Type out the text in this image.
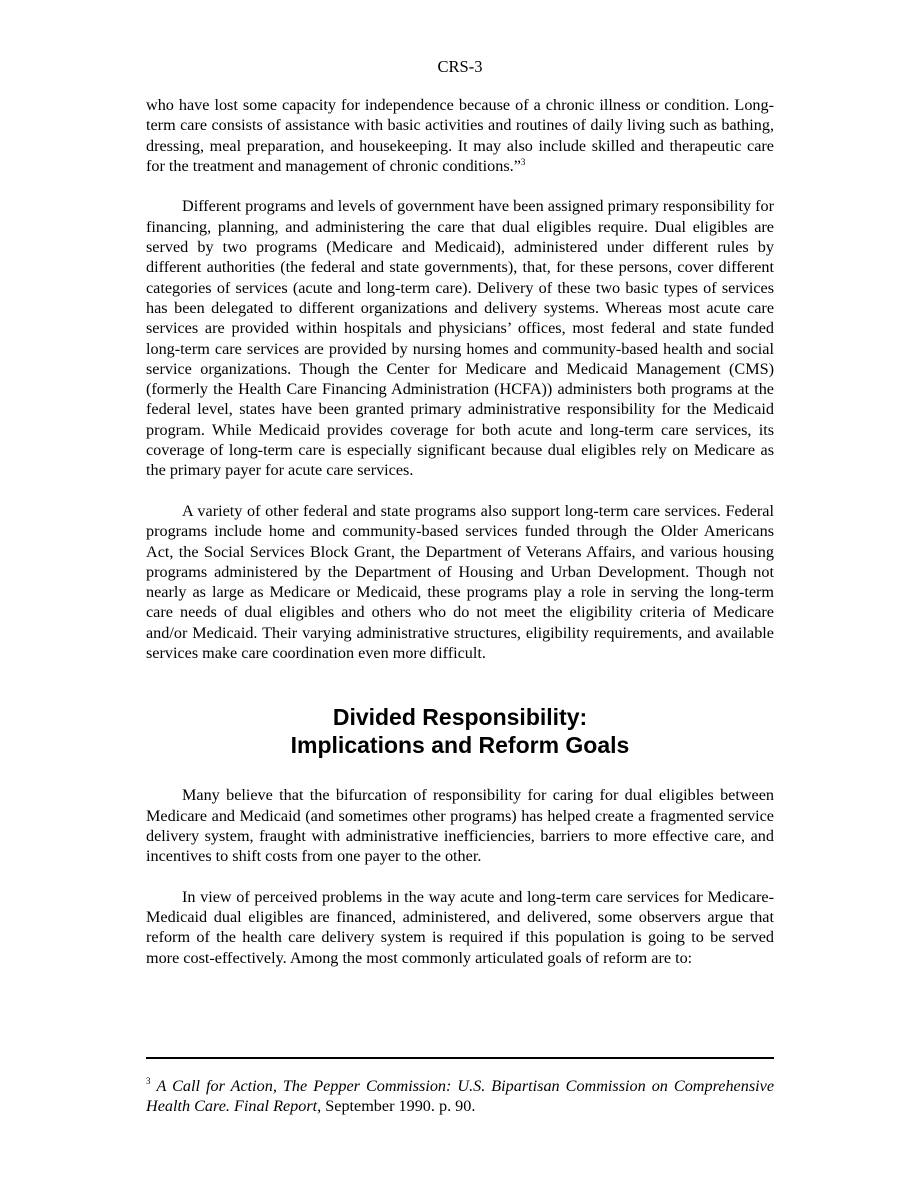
CRS-3

who have lost some capacity for independence because of a chronic illness or condition. Long-term care consists of assistance with basic activities and routines of daily living such as bathing, dressing, meal preparation, and housekeeping. It may also include skilled and therapeutic care for the treatment and management of chronic conditions.”$^3$

Different programs and levels of government have been assigned primary responsibility for financing, planning, and administering the care that dual eligibles require. Dual eligibles are served by two programs (Medicare and Medicaid), administered under different rules by different authorities (the federal and state governments), that, for these persons, cover different categories of services (acute and long-term care). Delivery of these two basic types of services has been delegated to different organizations and delivery systems. Whereas most acute care services are provided within hospitals and physicians’ offices, most federal and state funded long-term care services are provided by nursing homes and community-based health and social service organizations. Though the Center for Medicare and Medicaid Management (CMS) (formerly the Health Care Financing Administration (HCFA)) administers both programs at the federal level, states have been granted primary administrative responsibility for the Medicaid program. While Medicaid provides coverage for both acute and long-term care services, its coverage of long-term care is especially significant because dual eligibles rely on Medicare as the primary payer for acute care services.

A variety of other federal and state programs also support long-term care services. Federal programs include home and community-based services funded through the Older Americans Act, the Social Services Block Grant, the Department of Veterans Affairs, and various housing programs administered by the Department of Housing and Urban Development. Though not nearly as large as Medicare or Medicaid, these programs play a role in serving the long-term care needs of dual eligibles and others who do not meet the eligibility criteria of Medicare and/or Medicaid. Their varying administrative structures, eligibility requirements, and available services make care coordination even more difficult.

Divided Responsibility:
Implications and Reform Goals

Many believe that the bifurcation of responsibility for caring for dual eligibles between Medicare and Medicaid (and sometimes other programs) has helped create a fragmented service delivery system, fraught with administrative inefficiencies, barriers to more effective care, and incentives to shift costs from one payer to the other.

In view of perceived problems in the way acute and long-term care services for Medicare-Medicaid dual eligibles are financed, administered, and delivered, some observers argue that reform of the health care delivery system is required if this population is going to be served more cost-effectively. Among the most commonly articulated goals of reform are to:

$^3$ A Call for Action, The Pepper Commission: U.S. Bipartisan Commission on Comprehensive Health Care. Final Report, September 1990. p. 90.
